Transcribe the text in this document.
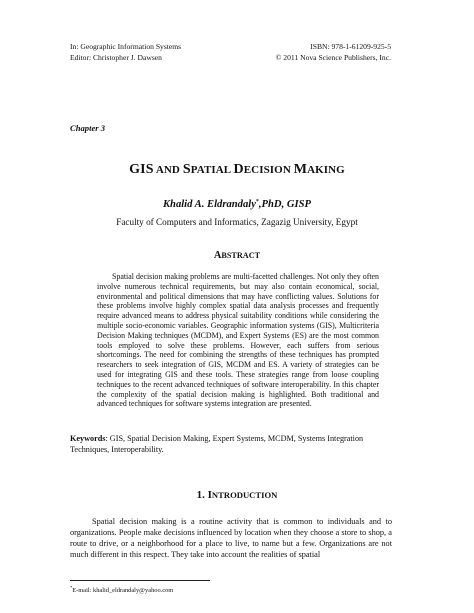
In: Geographic Information Systems
Editor: Christopher J. Dawsen
ISBN: 978-1-61209-925-5
© 2011 Nova Science Publishers, Inc.
Chapter 3
GIS AND SPATIAL DECISION MAKING
Khalid A. Eldrandaly*,PhD, GISP
Faculty of Computers and Informatics, Zagazig University, Egypt
ABSTRACT

Spatial decision making problems are multi-facetted challenges. Not only they often involve numerous technical requirements, but may also contain economical, social, environmental and political dimensions that may have conflicting values. Solutions for these problems involve highly complex spatial data analysis processes and frequently require advanced means to address physical suitability conditions while considering the multiple socio-economic variables. Geographic information systems (GIS), Multicriteria Decision Making techniques (MCDM), and Expert Systems (ES) are the most common tools employed to solve these problems. However, each suffers from serious shortcomings. The need for combining the strengths of these techniques has prompted researchers to seek integration of GIS, MCDM and ES. A variety of strategies can be used for integrating GIS and these tools. These strategies range from loose coupling techniques to the recent advanced techniques of software interoperability. In this chapter the complexity of the spatial decision making is highlighted. Both traditional and advanced techniques for software systems integration are presented.

Keywords: GIS, Spatial Decision Making, Expert Systems, MCDM, Systems Integration Techniques, Interoperability.

1. INTRODUCTION

Spatial decision making is a routine activity that is common to individuals and to organizations. People make decisions influenced by location when they choose a store to shop, a route to drive, or a neighborhood for a place to live, to name but a few. Organizations are not much different in this respect. They take into account the realities of spatial

*E-mail: khalid_eldrandaly@yahoo.com
